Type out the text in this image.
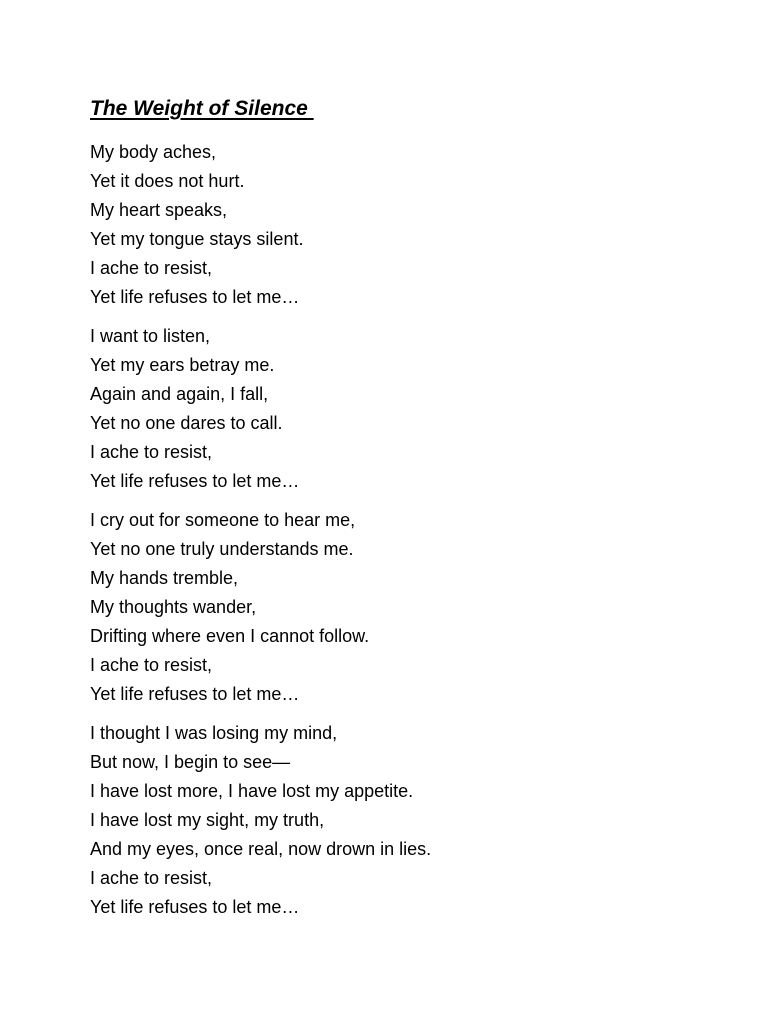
The Weight of Silence
My body aches,
Yet it does not hurt.
My heart speaks,
Yet my tongue stays silent.
I ache to resist,
Yet life refuses to let me…
I want to listen,
Yet my ears betray me.
Again and again, I fall,
Yet no one dares to call.
I ache to resist,
Yet life refuses to let me…
I cry out for someone to hear me,
Yet no one truly understands me.
My hands tremble,
My thoughts wander,
Drifting where even I cannot follow.
I ache to resist,
Yet life refuses to let me…
I thought I was losing my mind,
But now, I begin to see—
I have lost more, I have lost my appetite.
I have lost my sight, my truth,
And my eyes, once real, now drown in lies.
I ache to resist,
Yet life refuses to let me…
